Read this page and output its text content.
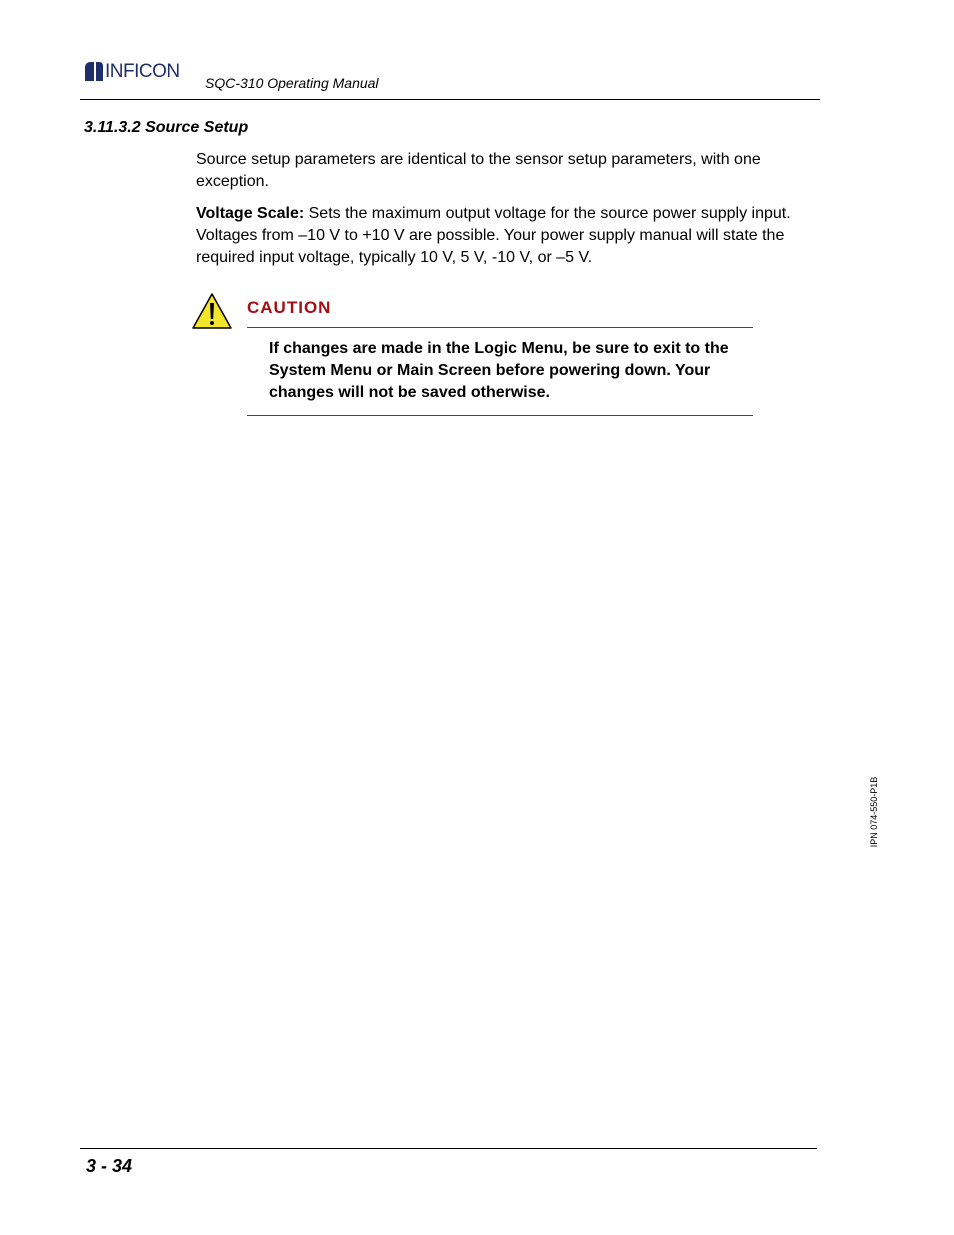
INFICON
SQC-310 Operating Manual
3.11.3.2 Source Setup

Source setup parameters are identical to the sensor setup parameters, with one exception.

Voltage Scale: Sets the maximum output voltage for the source power supply input. Voltages from –10 V to +10 V are possible. Your power supply manual will state the required input voltage, typically 10 V, 5 V, -10 V, or –5 V.

CAUTION

If changes are made in the Logic Menu, be sure to exit to the System Menu or Main Screen before powering down. Your changes will not be saved otherwise.

IPN 074-550-P1B
3 - 34
